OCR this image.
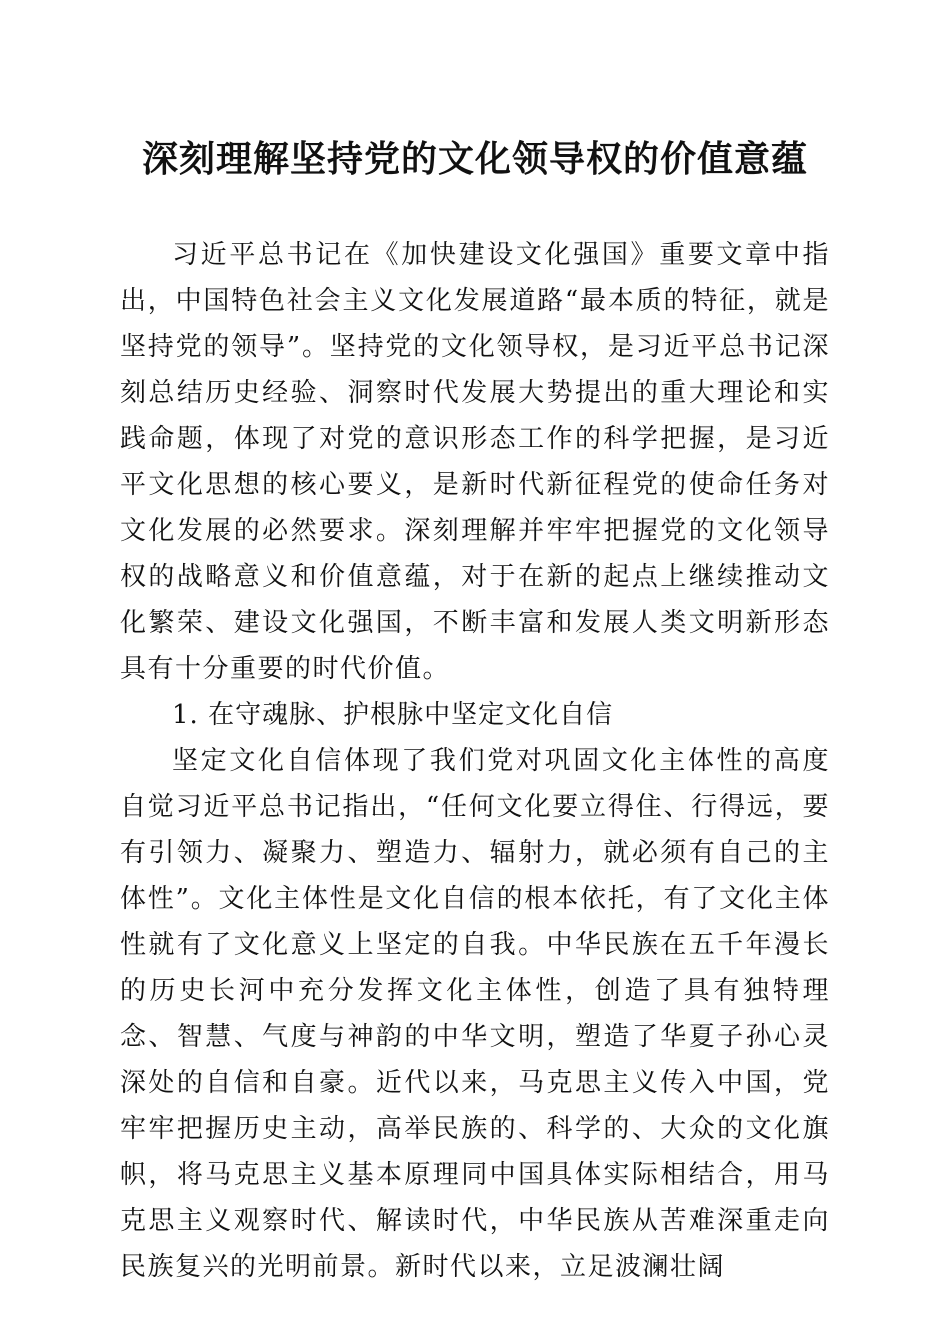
深刻理解坚持党的文化领导权的价值意蕴

习近平总书记在《加快建设文化强国》重要文章中指出，中国特色社会主义文化发展道路“最本质的特征，就是坚持党的领导”。坚持党的文化领导权，是习近平总书记深刻总结历史经验、洞察时代发展大势提出的重大理论和实践命题，体现了对党的意识形态工作的科学把握，是习近平文化思想的核心要义，是新时代新征程党的使命任务对文化发展的必然要求。深刻理解并牢牢把握党的文化领导权的战略意义和价值意蕴，对于在新的起点上继续推动文化繁荣、建设文化强国，不断丰富和发展人类文明新形态具有十分重要的时代价值。

1. 在守魂脉、护根脉中坚定文化自信

坚定文化自信体现了我们党对巩固文化主体性的高度自觉习近平总书记指出，“任何文化要立得住、行得远，要有引领力、凝聚力、塑造力、辐射力，就必须有自己的主体性”。文化主体性是文化自信的根本依托，有了文化主体性就有了文化意义上坚定的自我。中华民族在五千年漫长的历史长河中充分发挥文化主体性，创造了具有独特理念、智慧、气度与神韵的中华文明，塑造了华夏子孙心灵深处的自信和自豪。近代以来，马克思主义传入中国，党牢牢把握历史主动，高举民族的、科学的、大众的文化旗帜，将马克思主义基本原理同中国具体实际相结合，用马克思主义观察时代、解读时代，中华民族从苦难深重走向民族复兴的光明前景。新时代以来，立足波澜壮阔
